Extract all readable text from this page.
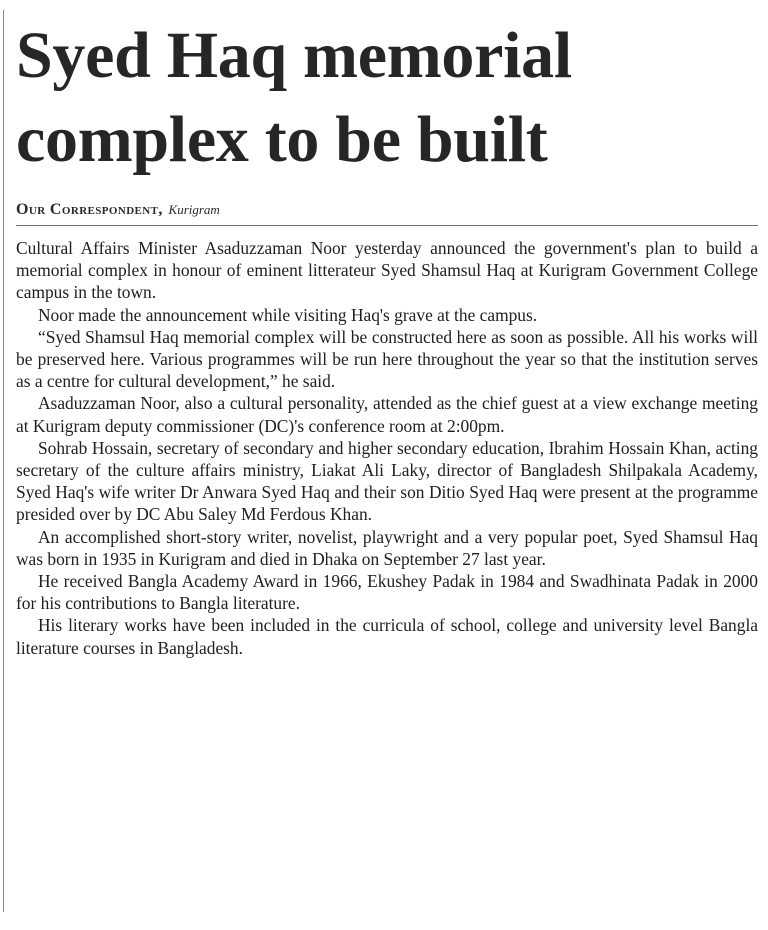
Syed Haq memorial
complex to be built
Our Correspondent, Kurigram

Cultural Affairs Minister Asaduzzaman Noor yesterday announced the government's plan to build a memorial complex in honour of eminent litterateur Syed Shamsul Haq at Kurigram Government College campus in the town.

Noor made the announcement while visiting Haq's grave at the campus.

“Syed Shamsul Haq memorial complex will be constructed here as soon as possible. All his works will be preserved here. Various programmes will be run here throughout the year so that the institution serves as a centre for cultural development,” he said.

Asaduzzaman Noor, also a cultural personality, attended as the chief guest at a view exchange meeting at Kurigram deputy commissioner (DC)'s conference room at 2:00pm.

Sohrab Hossain, secretary of secondary and higher secondary education, Ibrahim Hossain Khan, acting secretary of the culture affairs ministry, Liakat Ali Laky, director of Bangladesh Shilpakala Academy, Syed Haq's wife writer Dr Anwara Syed Haq and their son Ditio Syed Haq were present at the programme presided over by DC Abu Saley Md Ferdous Khan.

An accomplished short-story writer, novelist, playwright and a very popular poet, Syed Shamsul Haq was born in 1935 in Kurigram and died in Dhaka on September 27 last year.

He received Bangla Academy Award in 1966, Ekushey Padak in 1984 and Swadhinata Padak in 2000 for his contributions to Bangla literature.

His literary works have been included in the curricula of school, college and university level Bangla literature courses in Bangladesh.
